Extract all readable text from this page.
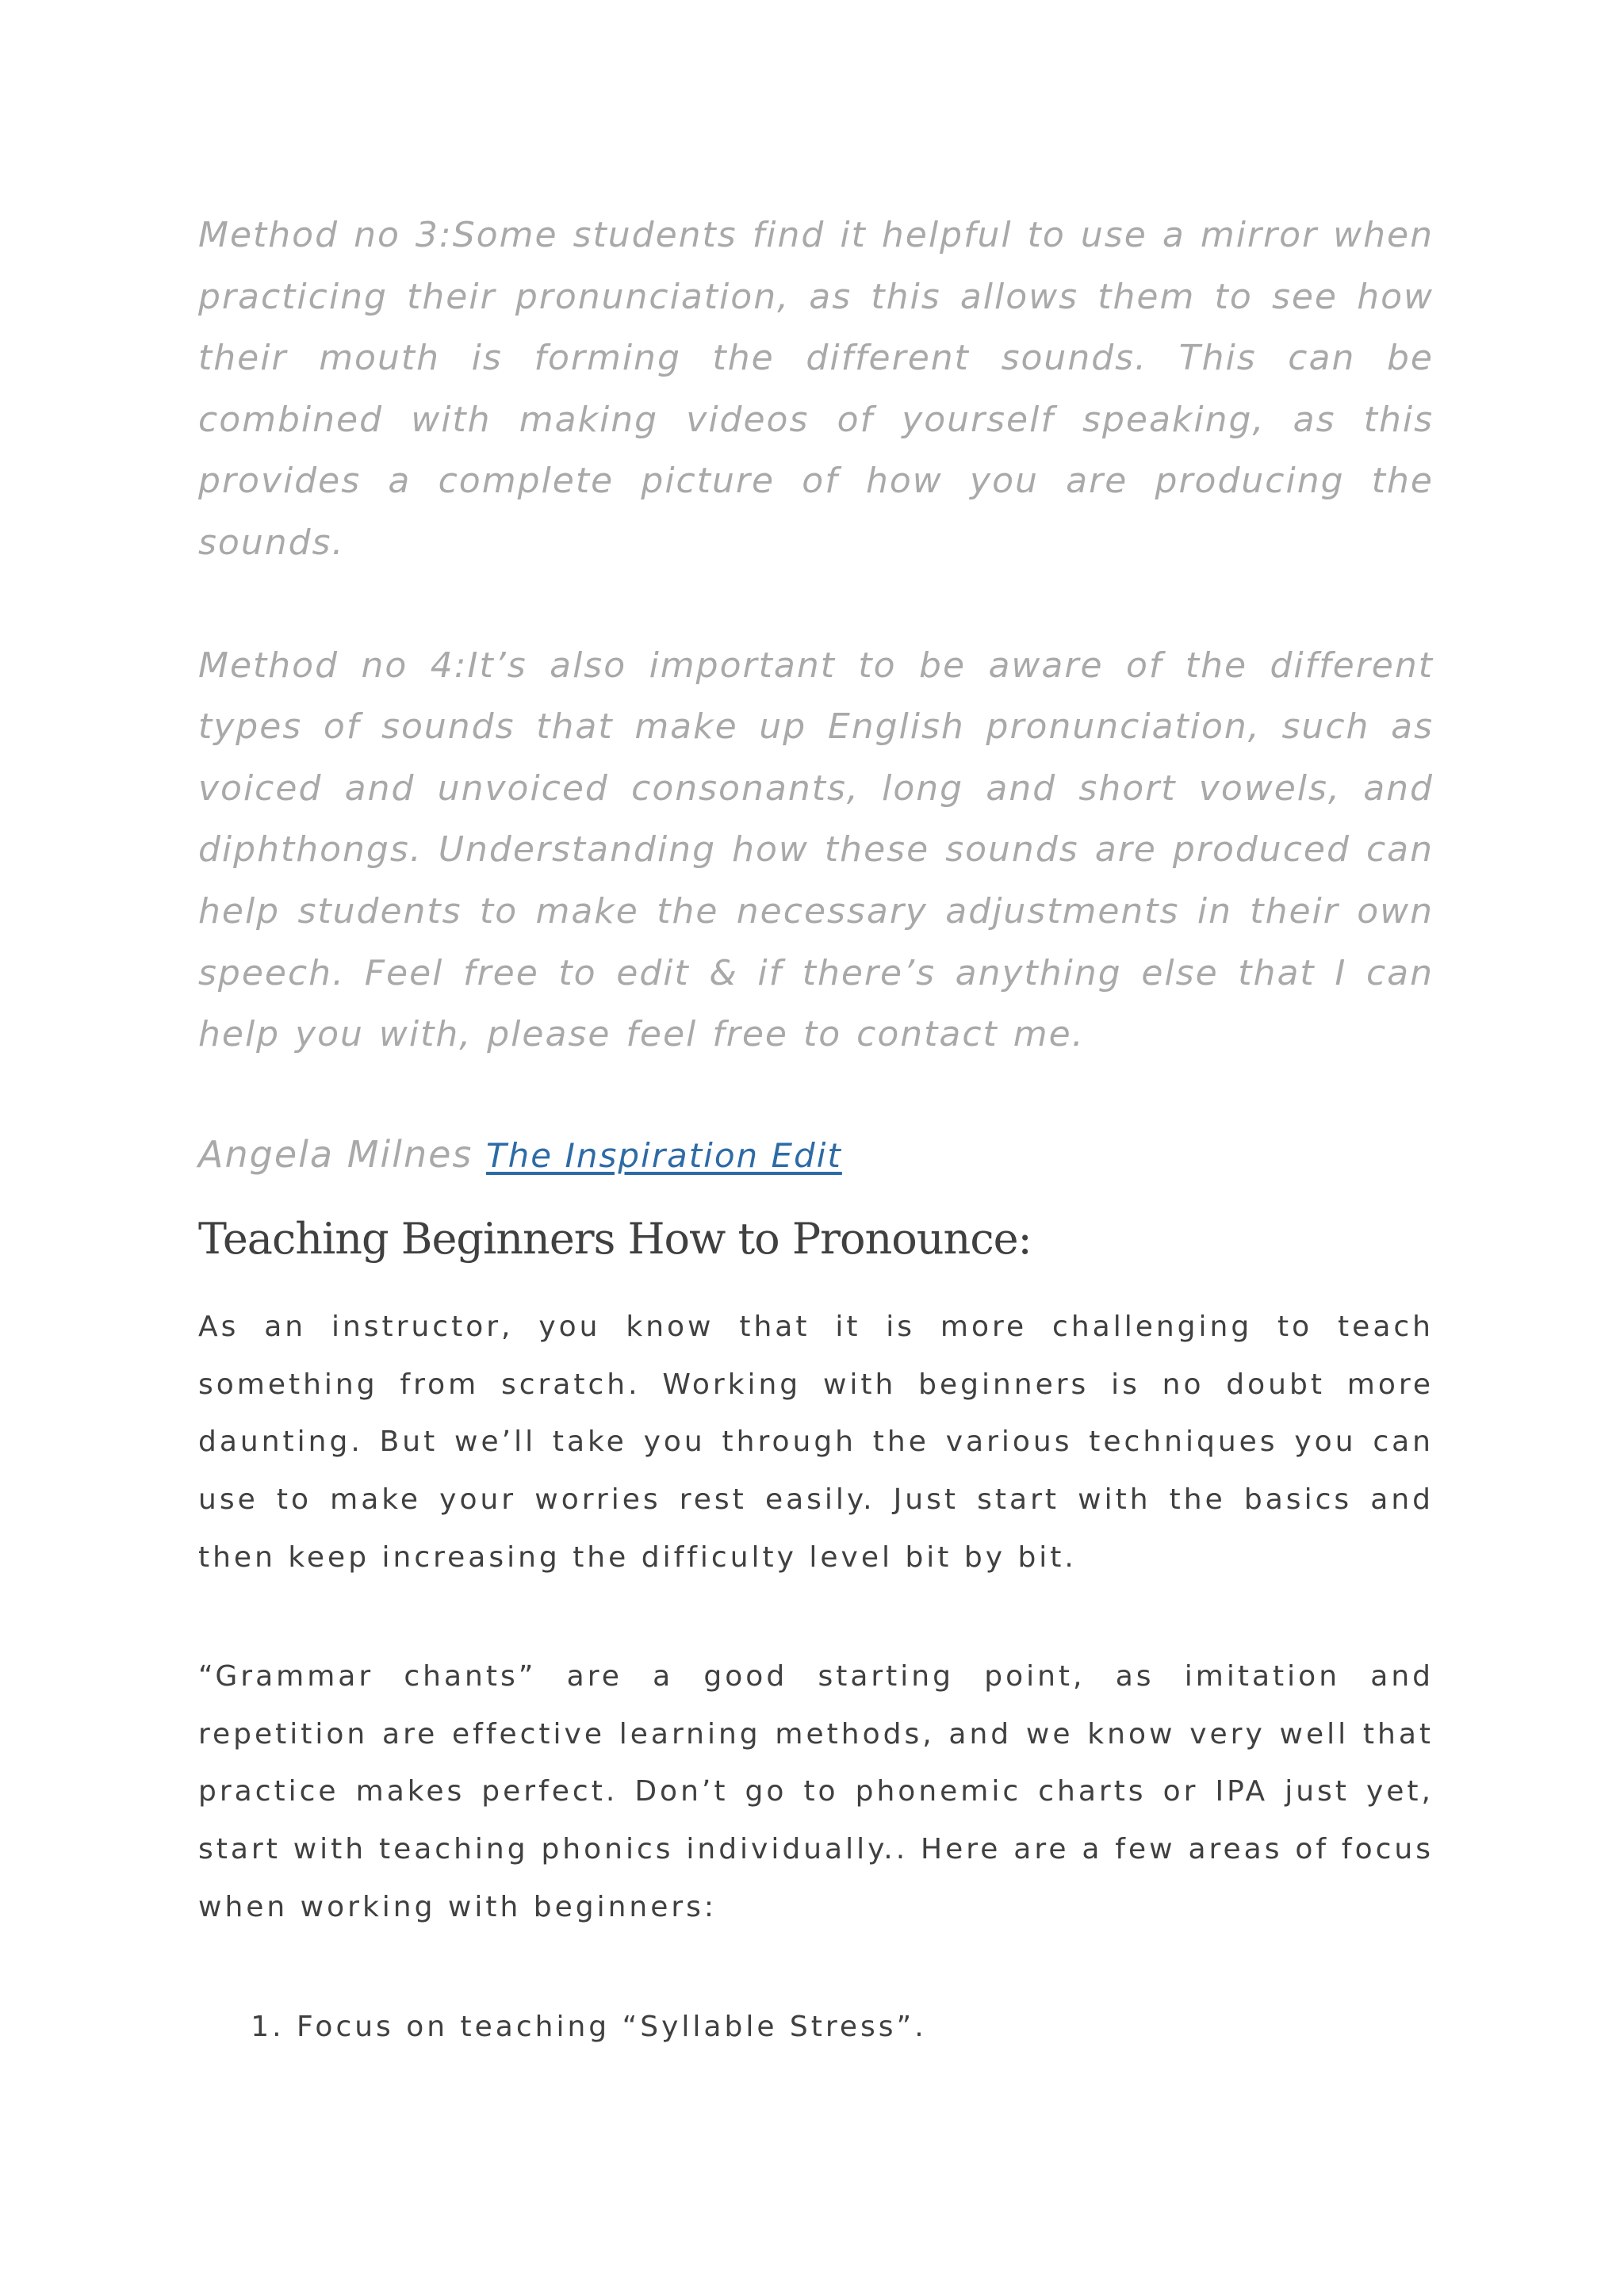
Method no 3:Some students find it helpful to use a mirror when practicing their pronunciation, as this allows them to see how their mouth is forming the different sounds. This can be combined with making videos of yourself speaking, as this provides a complete picture of how you are producing the sounds.

Method no 4:It’s also important to be aware of the different types of sounds that make up English pronunciation, such as voiced and unvoiced consonants, long and short vowels, and diphthongs. Understanding how these sounds are produced can help students to make the necessary adjustments in their own speech. Feel free to edit & if there’s anything else that I can help you with, please feel free to contact me.

Angela Milnes The Inspiration Edit

Teaching Beginners How to Pronounce:

As an instructor, you know that it is more challenging to teach something from scratch. Working with beginners is no doubt more daunting. But we’ll take you through the various techniques you can use to make your worries rest easily. Just start with the basics and then keep increasing the difficulty level bit by bit.

“Grammar chants” are a good starting point, as imitation and repetition are effective learning methods, and we know very well that practice makes perfect. Don’t go to phonemic charts or IPA just yet, start with teaching phonics individually.. Here are a few areas of focus when working with beginners:

1. Focus on teaching “Syllable Stress”.
